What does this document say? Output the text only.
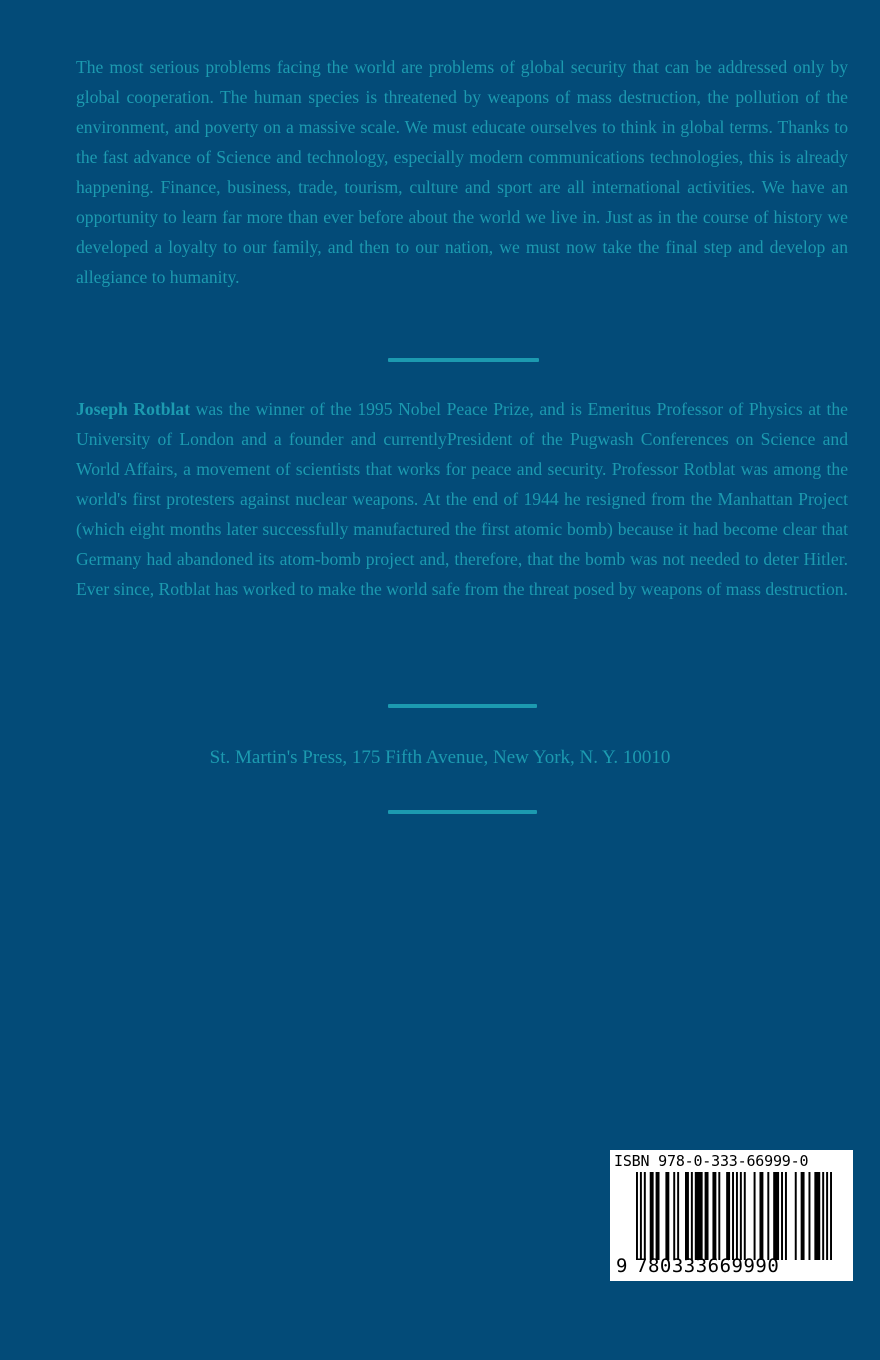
The most serious problems facing the world are problems of global security that can be addressed only by global cooperation. The human species is threatened by weapons of mass destruction, the pollution of the environment, and poverty on a massive scale. We must educate ourselves to think in global terms. Thanks to the fast advance of Science and technology, especially modern communications technologies, this is already happening. Finance, business, trade, tourism, culture and sport are all international activities. We have an opportunity to learn far more than ever before about the world we live in. Just as in the course of history we developed a loyalty to our family, and then to our nation, we must now take the final step and develop an allegiance to humanity.

Joseph Rotblat was the winner of the 1995 Nobel Peace Prize, and is Emeritus Professor of Physics at the University of London and a founder and currentlyPresident of the Pugwash Conferences on Science and World Affairs, a movement of scientists that works for peace and security. Professor Rotblat was among the world's first protesters against nuclear weapons. At the end of 1944 he resigned from the Manhattan Project (which eight months later successfully manufactured the first atomic bomb) because it had become clear that Germany had abandoned its atom-bomb project and, therefore, that the bomb was not needed to deter Hitler. Ever since, Rotblat has worked to make the world safe from the threat posed by weapons of mass destruction.

St. Martin's Press, 175 Fifth Avenue, New York, N. Y. 10010

ISBN 978-0-333-66999-0
9 780333669990
